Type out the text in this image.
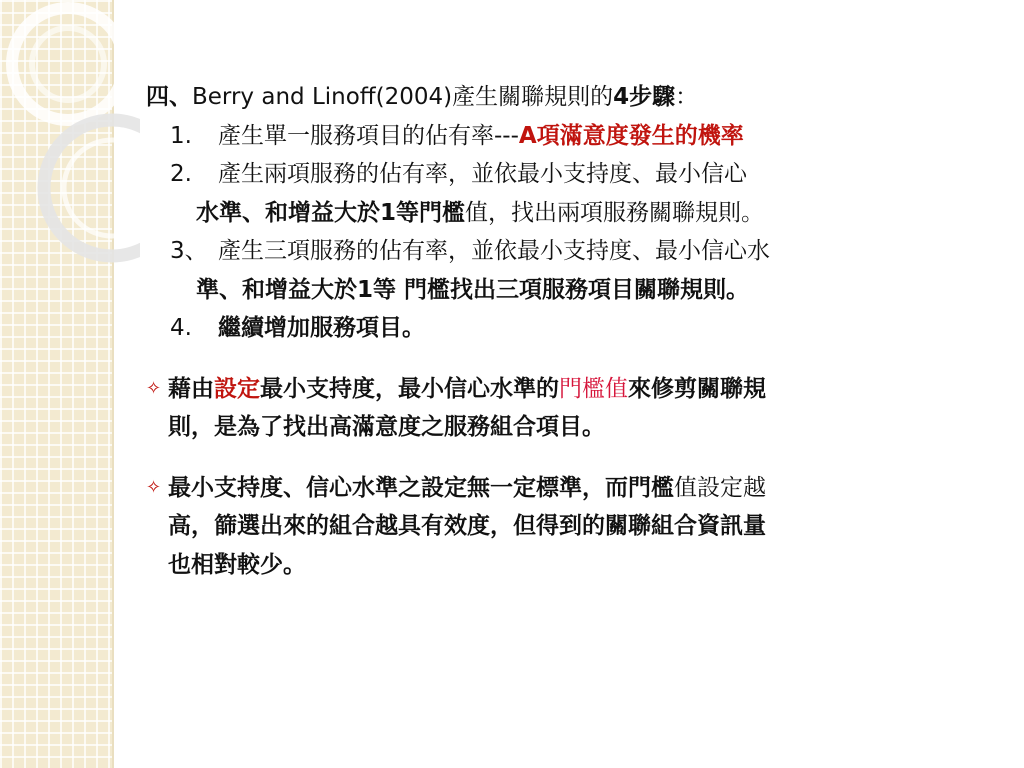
四、Berry and Linoff(2004)產生關聯規則的4步驟：
1. 產生單一服務項目的佔有率---A項滿意度發生的機率
2. 產生兩項服務的佔有率，並依最小支持度、最小信心
水準、和增益大於1等門檻值，找出兩項服務關聯規則。
3、 產生三項服務的佔有率，並依最小支持度、最小信心水
準、和增益大於1等 門檻找出三項服務項目關聯規則。
4. 繼續增加服務項目。
✧ 藉由設定最小支持度，最小信心水準的門檻值來修剪關聯規
則，是為了找出高滿意度之服務組合項目。
✧ 最小支持度、信心水準之設定無一定標準，而門檻值設定越
高，篩選出來的組合越具有效度，但得到的關聯組合資訊量
也相對較少。
